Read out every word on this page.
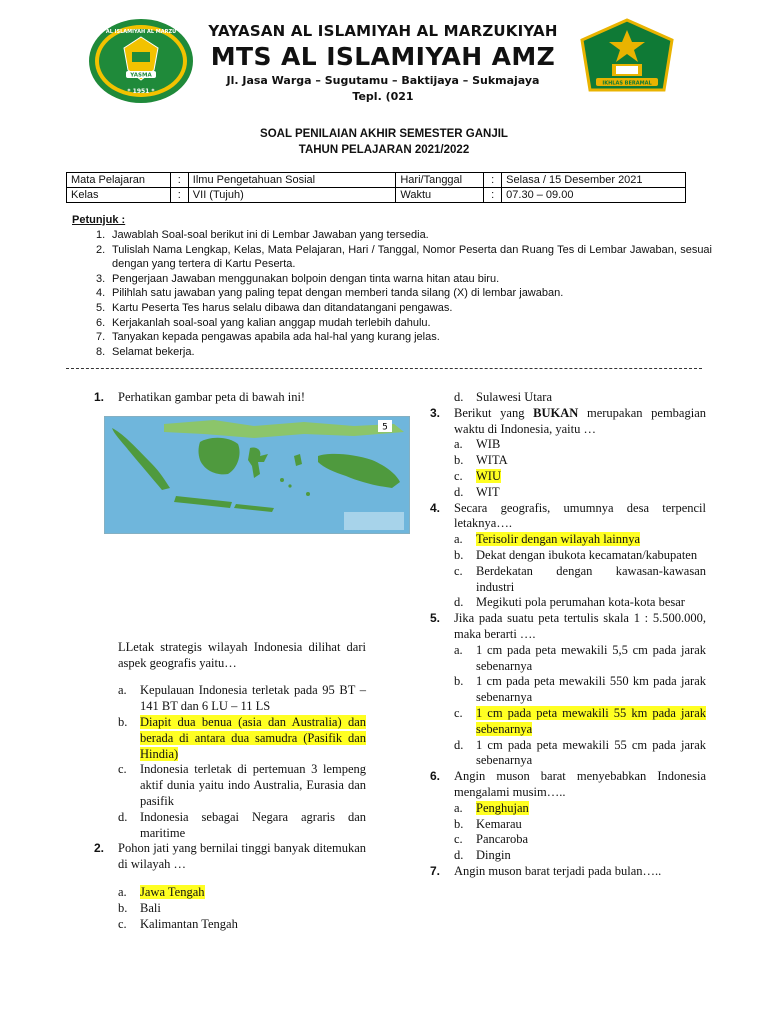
YASMA
* 1951 *
AL ISLAMIYAH AL MARZU	YAYASAN AL ISLAMIYAH AL MARZUKIYAH
MTS AL ISLAMIYAH AMZ
Jl. Jasa Warga – Sugutamu – Baktijaya – Sukmajaya
Tepl. (021
IKHLAS BERAMAL
SOAL PENILAIAN AKHIR SEMESTER GANJIL
TAHUN PELAJARAN 2021/2022
Mata Pelajaran	:	Ilmu Pengetahuan Sosial	Hari/Tanggal	:	Selasa / 15 Desember 2021
Kelas	:	VII (Tujuh)	Waktu	:	07.30 – 09.00
Petunjuk :
1. Jawablah Soal-soal berikut ini di Lembar Jawaban yang tersedia.
2. Tulislah Nama Lengkap, Kelas, Mata Pelajaran, Hari / Tanggal, Nomor Peserta dan Ruang Tes di Lembar Jawaban, sesuai dengan yang tertera di Kartu Peserta.
3. Pengerjaan Jawaban menggunakan bolpoin dengan tinta warna hitan atau biru.
4. Pilihlah satu jawaban yang paling tepat dengan memberi tanda silang (X) di lembar jawaban.
5. Kartu Peserta Tes harus selalu dibawa dan ditandatangani pengawas.
6. Kerjakanlah soal-soal yang kalian anggap mudah terlebih dahulu.
7. Tanyakan kepada pengawas apabila ada hal-hal yang kurang jelas.
8. Selamat bekerja.
1. Perhatikan gambar peta di bawah ini!
5
LLetak strategis wilayah Indonesia dilihat dari aspek geografis yaitu…
a. Kepulauan Indonesia terletak pada 95 BT – 141 BT dan 6 LU – 11 LS
b. Diapit dua benua (asia dan Australia) dan berada di antara dua samudra (Pasifik dan Hindia)
c. Indonesia terletak di pertemuan 3 lempeng aktif dunia yaitu indo Australia, Eurasia dan pasifik
d. Indonesia sebagai Negara agraris dan maritime
2. Pohon jati yang bernilai tinggi banyak ditemukan di wilayah …
a. Jawa Tengah
b. Bali
c. Kalimantan Tengah
d. Sulawesi Utara
3. Berikut yang BUKAN merupakan pembagian waktu di Indonesia, yaitu …
a. WIB
b. WITA
c. WIU
d. WIT
4. Secara geografis, umumnya desa terpencil letaknya….
a. Terisolir dengan wilayah lainnya
b. Dekat dengan ibukota kecamatan/kabupaten
c. Berdekatan dengan kawasan-kawasan industri
d. Megikuti pola perumahan kota-kota besar
5. Jika pada suatu peta tertulis skala 1 : 5.500.000, maka berarti ….
a. 1 cm pada peta mewakili 5,5 cm pada jarak sebenarnya
b. 1 cm pada peta mewakili 550 km pada jarak sebenarnya
c. 1 cm pada peta mewakili 55 km pada jarak sebenarnya
d. 1 cm pada peta mewakili 55 cm pada jarak sebenarnya
6. Angin muson barat menyebabkan Indonesia mengalami musim…..
a. Penghujan
b. Kemarau
c. Pancaroba
d. Dingin
7. Angin muson barat terjadi pada bulan…..
